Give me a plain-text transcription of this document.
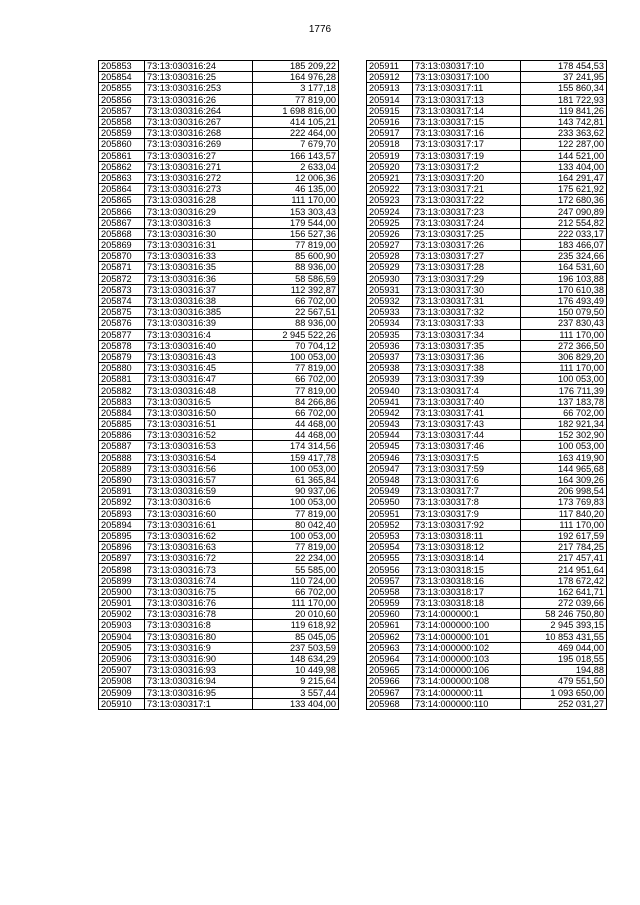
1776
205853	73:13:030316:24	185 209,22
205854	73:13:030316:25	164 976,28
205855	73:13:030316:253	3 177,18
205856	73:13:030316:26	77 819,00
205857	73:13:030316:264	1 698 816,00
205858	73:13:030316:267	414 105,21
205859	73:13:030316:268	222 464,00
205860	73:13:030316:269	7 679,70
205861	73:13:030316:27	166 143,57
205862	73:13:030316:271	2 633,04
205863	73:13:030316:272	12 006,36
205864	73:13:030316:273	46 135,00
205865	73:13:030316:28	111 170,00
205866	73:13:030316:29	153 303,43
205867	73:13:030316:3	179 544,00
205868	73:13:030316:30	156 527,36
205869	73:13:030316:31	77 819,00
205870	73:13:030316:33	85 600,90
205871	73:13:030316:35	88 936,00
205872	73:13:030316:36	58 586,59
205873	73:13:030316:37	112 392,87
205874	73:13:030316:38	66 702,00
205875	73:13:030316:385	22 567,51
205876	73:13:030316:39	88 936,00
205877	73:13:030316:4	2 945 522,26
205878	73:13:030316:40	70 704,12
205879	73:13:030316:43	100 053,00
205880	73:13:030316:45	77 819,00
205881	73:13:030316:47	66 702,00
205882	73:13:030316:48	77 819,00
205883	73:13:030316:5	84 266,86
205884	73:13:030316:50	66 702,00
205885	73:13:030316:51	44 468,00
205886	73:13:030316:52	44 468,00
205887	73:13:030316:53	174 314,56
205888	73:13:030316:54	159 417,78
205889	73:13:030316:56	100 053,00
205890	73:13:030316:57	61 365,84
205891	73:13:030316:59	90 937,06
205892	73:13:030316:6	100 053,00
205893	73:13:030316:60	77 819,00
205894	73:13:030316:61	80 042,40
205895	73:13:030316:62	100 053,00
205896	73:13:030316:63	77 819,00
205897	73:13:030316:72	22 234,00
205898	73:13:030316:73	55 585,00
205899	73:13:030316:74	110 724,00
205900	73:13:030316:75	66 702,00
205901	73:13:030316:76	111 170,00
205902	73:13:030316:78	20 010,60
205903	73:13:030316:8	119 618,92
205904	73:13:030316:80	85 045,05
205905	73:13:030316:9	237 503,59
205906	73:13:030316:90	148 634,29
205907	73:13:030316:93	10 449,98
205908	73:13:030316:94	9 215,64
205909	73:13:030316:95	3 557,44
205910	73:13:030317:1	133 404,00
205911	73:13:030317:10	178 454,53
205912	73:13:030317:100	37 241,95
205913	73:13:030317:11	155 860,34
205914	73:13:030317:13	181 722,93
205915	73:13:030317:14	119 841,26
205916	73:13:030317:15	143 742,81
205917	73:13:030317:16	233 363,62
205918	73:13:030317:17	122 287,00
205919	73:13:030317:19	144 521,00
205920	73:13:030317:2	133 404,00
205921	73:13:030317:20	164 291,47
205922	73:13:030317:21	175 621,92
205923	73:13:030317:22	172 680,36
205924	73:13:030317:23	247 090,89
205925	73:13:030317:24	212 554,82
205926	73:13:030317:25	222 033,17
205927	73:13:030317:26	183 466,07
205928	73:13:030317:27	235 324,66
205929	73:13:030317:28	164 531,60
205930	73:13:030317:29	196 103,88
205931	73:13:030317:30	170 610,38
205932	73:13:030317:31	176 493,49
205933	73:13:030317:32	150 079,50
205934	73:13:030317:33	237 830,43
205935	73:13:030317:34	111 170,00
205936	73:13:030317:35	272 366,50
205937	73:13:030317:36	306 829,20
205938	73:13:030317:38	111 170,00
205939	73:13:030317:39	100 053,00
205940	73:13:030317:4	176 711,39
205941	73:13:030317:40	137 183,78
205942	73:13:030317:41	66 702,00
205943	73:13:030317:43	182 921,34
205944	73:13:030317:44	152 302,90
205945	73:13:030317:46	100 053,00
205946	73:13:030317:5	163 419,90
205947	73:13:030317:59	144 965,68
205948	73:13:030317:6	164 309,26
205949	73:13:030317:7	206 998,54
205950	73:13:030317:8	173 769,83
205951	73:13:030317:9	117 840,20
205952	73:13:030317:92	111 170,00
205953	73:13:030318:11	192 617,59
205954	73:13:030318:12	217 784,25
205955	73:13:030318:14	217 457,41
205956	73:13:030318:15	214 951,64
205957	73:13:030318:16	178 672,42
205958	73:13:030318:17	162 641,71
205959	73:13:030318:18	272 039,66
205960	73:14:000000:1	58 246 750,80
205961	73:14:000000:100	2 945 393,15
205962	73:14:000000:101	10 853 431,55
205963	73:14:000000:102	469 044,00
205964	73:14:000000:103	195 018,55
205965	73:14:000000:106	194,88
205966	73:14:000000:108	479 551,50
205967	73:14:000000:11	1 093 650,00
205968	73:14:000000:110	252 031,27
